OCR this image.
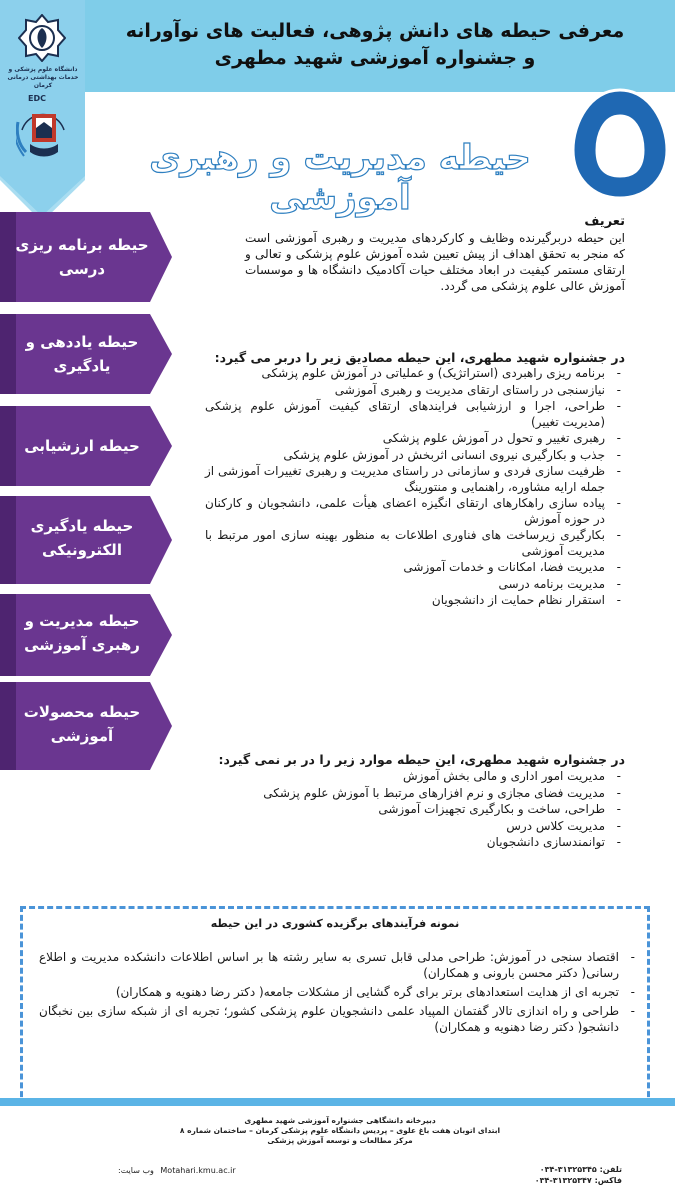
معرفی حیطه های دانش پژوهی، فعالیت های نوآورانه
و جشنواره آموزشی شهید مطهری
دانشگاه علوم پزشکی و
خدمات بهداشتی درمانی کرمان
EDC
حیطه مدیریت و رهبری آموزشی
حیطه برنامه ریزی درسی
حیطه یاددهی و یادگیری
حیطه ارزشیابی
حیطه یادگیری الکترونیکی
حیطه مدیریت و رهبری آموزشی
حیطه محصولات آموزشی
تعریف
این حیطه دربرگیرنده وظایف و کارکردهای مدیریت و رهبری آموزشی است که منجر به تحقق اهداف از پیش تعیین شده آموزش علوم پزشکی و تعالی و ارتقای مستمر کیفیت در ابعاد مختلف حیات آکادمیک دانشگاه ها و موسسات آموزش عالی علوم پزشکی می گردد.
در جشنواره شهید مطهری، این حیطه مصادیق زیر را دربر می گیرد:
- برنامه ریزی راهبردی (استراتژیک) و عملیاتی در آموزش علوم پزشکی
- نیازسنجی در راستای ارتقای مدیریت و رهبری آموزشی
- طراحی، اجرا و ارزشیابی فرایندهای ارتقای کیفیت آموزش علوم پزشکی (مدیریت تغییر)
- رهبری تغییر و تحول در آموزش علوم پزشکی
- جذب و بکارگیری نیروی انسانی اثربخش در آموزش علوم پزشکی
- ظرفیت سازی فردی و سازمانی در راستای مدیریت و رهبری تغییرات آموزشی از جمله ارایه مشاوره، راهنمایی و منتورینگ
- پیاده سازی راهکارهای ارتقای انگیزه اعضای هیأت علمی، دانشجویان و کارکنان در حوزه آموزش
- بکارگیری زیرساخت های فناوری اطلاعات به منظور بهینه سازی امور مرتبط با مدیریت آموزشی
- مدیریت فضا، امکانات و خدمات آموزشی
- مدیریت برنامه درسی
- استقرار نظام حمایت از دانشجویان
در جشنواره شهید مطهری، این حیطه موارد زیر را در بر نمی گیرد:
- مدیریت امور اداری و مالی بخش آموزش
- مدیریت فضای مجازی و نرم افزارهای مرتبط با آموزش علوم پزشکی
- طراحی، ساخت و بکارگیری تجهیزات آموزشی
- مدیریت کلاس درس
- توانمندسازی دانشجویان
نمونه فرآیندهای برگزیده کشوری در این حیطه
- اقتصاد سنجی در آموزش: طراحی مدلی قابل تسری به سایر رشته ها بر اساس اطلاعات دانشکده مدیریت و اطلاع رسانی( دکتر محسن بارونی و همکاران)
- تجربه ای از هدایت استعدادهای برتر برای گره گشایی از مشکلات جامعه( دکتر رضا دهنویه و همکاران)
- طراحی و راه اندازی تالار گفتمان المپیاد علمی دانشجویان علوم پزشکی کشور؛ تجربه ای از شبکه سازی بین نخبگان دانشجو( دکتر رضا دهنویه و همکاران)
دبیرخانه دانشگاهی جشنواره آموزشی شهید مطهری
ابتدای اتوبان هفت باغ علوی – پردیس دانشگاه علوم پزشکی کرمان – ساختمان شماره ۸
مرکز مطالعات و توسعه آموزش پزشکی
Motahari.kmu.ac.ir وب سایت:	تلفن: ۳۱۳۲۵۳۴۵-۰۳۴
فاکس: ۳۱۳۲۵۳۴۷-۰۳۴
